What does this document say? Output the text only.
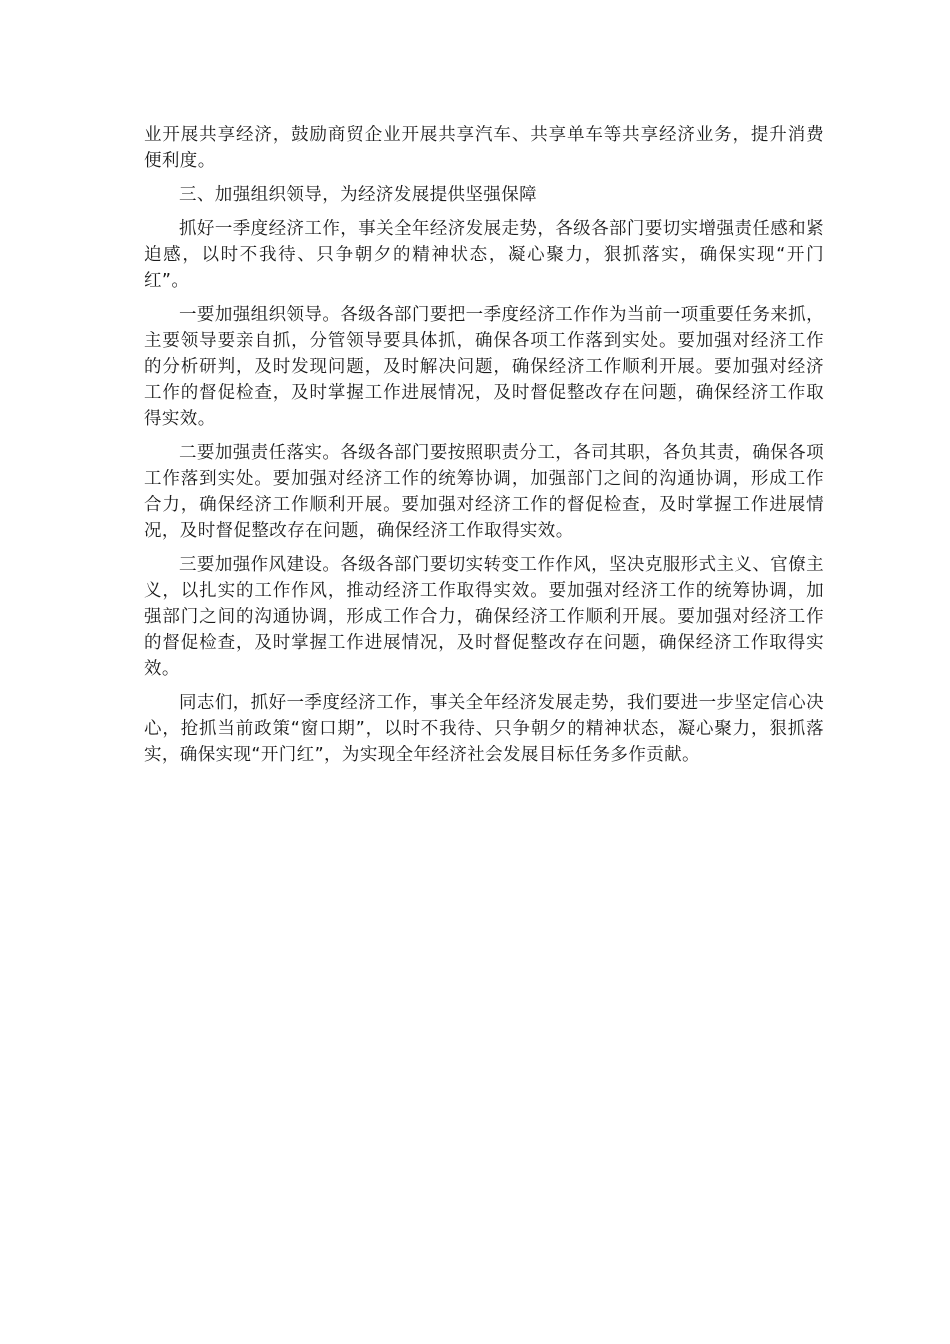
业开展共享经济，鼓励商贸企业开展共享汽车、共享单车等共享经济业务，提升消费便利度。

三、加强组织领导，为经济发展提供坚强保障

抓好一季度经济工作，事关全年经济发展走势，各级各部门要切实增强责任感和紧迫感，以时不我待、只争朝夕的精神状态，凝心聚力，狠抓落实，确保实现“开门红”。

一要加强组织领导。各级各部门要把一季度经济工作作为当前一项重要任务来抓，主要领导要亲自抓，分管领导要具体抓，确保各项工作落到实处。要加强对经济工作的分析研判，及时发现问题，及时解决问题，确保经济工作顺利开展。要加强对经济工作的督促检查，及时掌握工作进展情况，及时督促整改存在问题，确保经济工作取得实效。

二要加强责任落实。各级各部门要按照职责分工，各司其职，各负其责，确保各项工作落到实处。要加强对经济工作的统筹协调，加强部门之间的沟通协调，形成工作合力，确保经济工作顺利开展。要加强对经济工作的督促检查，及时掌握工作进展情况，及时督促整改存在问题，确保经济工作取得实效。

三要加强作风建设。各级各部门要切实转变工作作风，坚决克服形式主义、官僚主义，以扎实的工作作风，推动经济工作取得实效。要加强对经济工作的统筹协调，加强部门之间的沟通协调，形成工作合力，确保经济工作顺利开展。要加强对经济工作的督促检查，及时掌握工作进展情况，及时督促整改存在问题，确保经济工作取得实效。

同志们，抓好一季度经济工作，事关全年经济发展走势，我们要进一步坚定信心决心，抢抓当前政策“窗口期”，以时不我待、只争朝夕的精神状态，凝心聚力，狠抓落实，确保实现“开门红”，为实现全年经济社会发展目标任务多作贡献。
